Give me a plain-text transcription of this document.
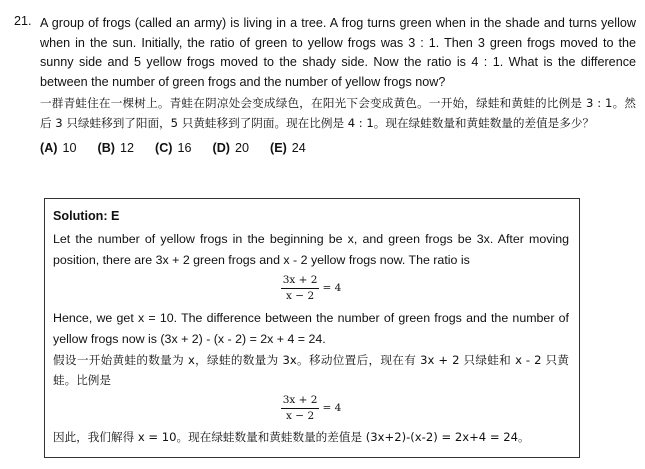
21. A group of frogs (called an army) is living in a tree. A frog turns green when in the shade and turns yellow when in the sun. Initially, the ratio of green to yellow frogs was 3 : 1. Then 3 green frogs moved to the sunny side and 5 yellow frogs moved to the shady side. Now the ratio is 4 : 1. What is the difference between the number of green frogs and the number of yellow frogs now?
一群青蛙住在一棵树上。青蛙在阴凉处会变成绿色，在阳光下会变成黄色。一开始，绿蛙和黄蛙的比例是 3 : 1。然后 3 只绿蛙移到了阳面，5 只黄蛙移到了阴面。现在比例是 4 : 1。现在绿蛙数量和黄蛙数量的差值是多少？
(A) 10 (B) 12 (C) 16 (D) 20 (E) 24
Solution: E
Let the number of yellow frogs in the beginning be x, and green frogs be 3x. After moving position, there are 3x + 2 green frogs and x - 2 yellow frogs now. The ratio is
$\frac{3x + 2}{x - 2} = 4$
Hence, we get x = 10. The difference between the number of green frogs and the number of yellow frogs now is (3x + 2) - (x - 2) = 2x + 4 = 24.
假设一开始黄蛙的数量为 x，绿蛙的数量为 3x。移动位置后，现在有 3x + 2 只绿蛙和 x - 2 只黄蛙。比例是
$\frac{3x + 2}{x - 2} = 4$
因此，我们解得 x = 10。现在绿蛙数量和黄蛙数量的差值是 (3x+2)-(x-2) = 2x+4 = 24。
